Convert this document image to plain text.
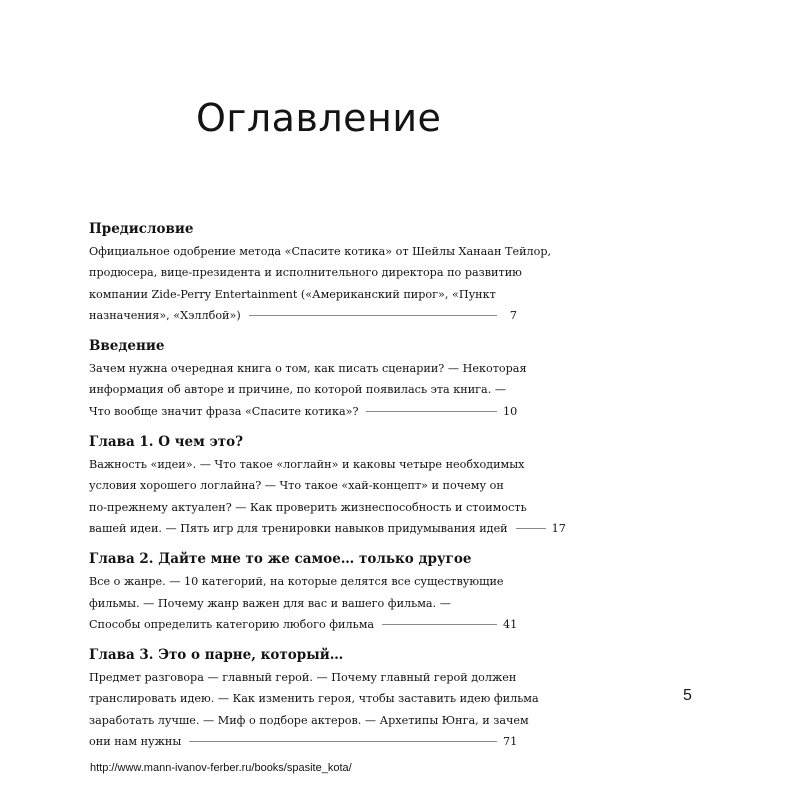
Оглавление
Предисловие
Официальное одобрение метода «Спасите котика» от Шейлы Ханаан Тейлор,
продюсера, вице-президента и исполнительного директора по развитию
компании Zide-Perry Entertainment («Американский пирог», «Пункт
назначения», «Хэллбой»)	7
Введение
Зачем нужна очередная книга о том, как писать сценарии? — Некоторая
информация об авторе и причине, по которой появилась эта книга. —
Что вообще значит фраза «Спасите котика»?	10
Глава 1. О чем это?
Важность «идеи». — Что такое «логлайн» и каковы четыре необходимых
условия хорошего логлайна? — Что такое «хай-концепт» и почему он
по-прежнему актуален? — Как проверить жизнеспособность и стоимость
вашей идеи. — Пять игр для тренировки навыков придумывания идей	17
Глава 2. Дайте мне то же самое… только другое
Все о жанре. — 10 категорий, на которые делятся все существующие
фильмы. — Почему жанр важен для вас и вашего фильма. —
Способы определить категорию любого фильма	41
Глава 3. Это о парне, который…
Предмет разговора — главный герой. — Почему главный герой должен
транслировать идею. — Как изменить героя, чтобы заставить идею фильма
заработать лучше. — Миф о подборе актеров. — Архетипы Юнга, и зачем
они нам нужны	71
5
http://www.mann-ivanov-ferber.ru/books/spasite_kota/
